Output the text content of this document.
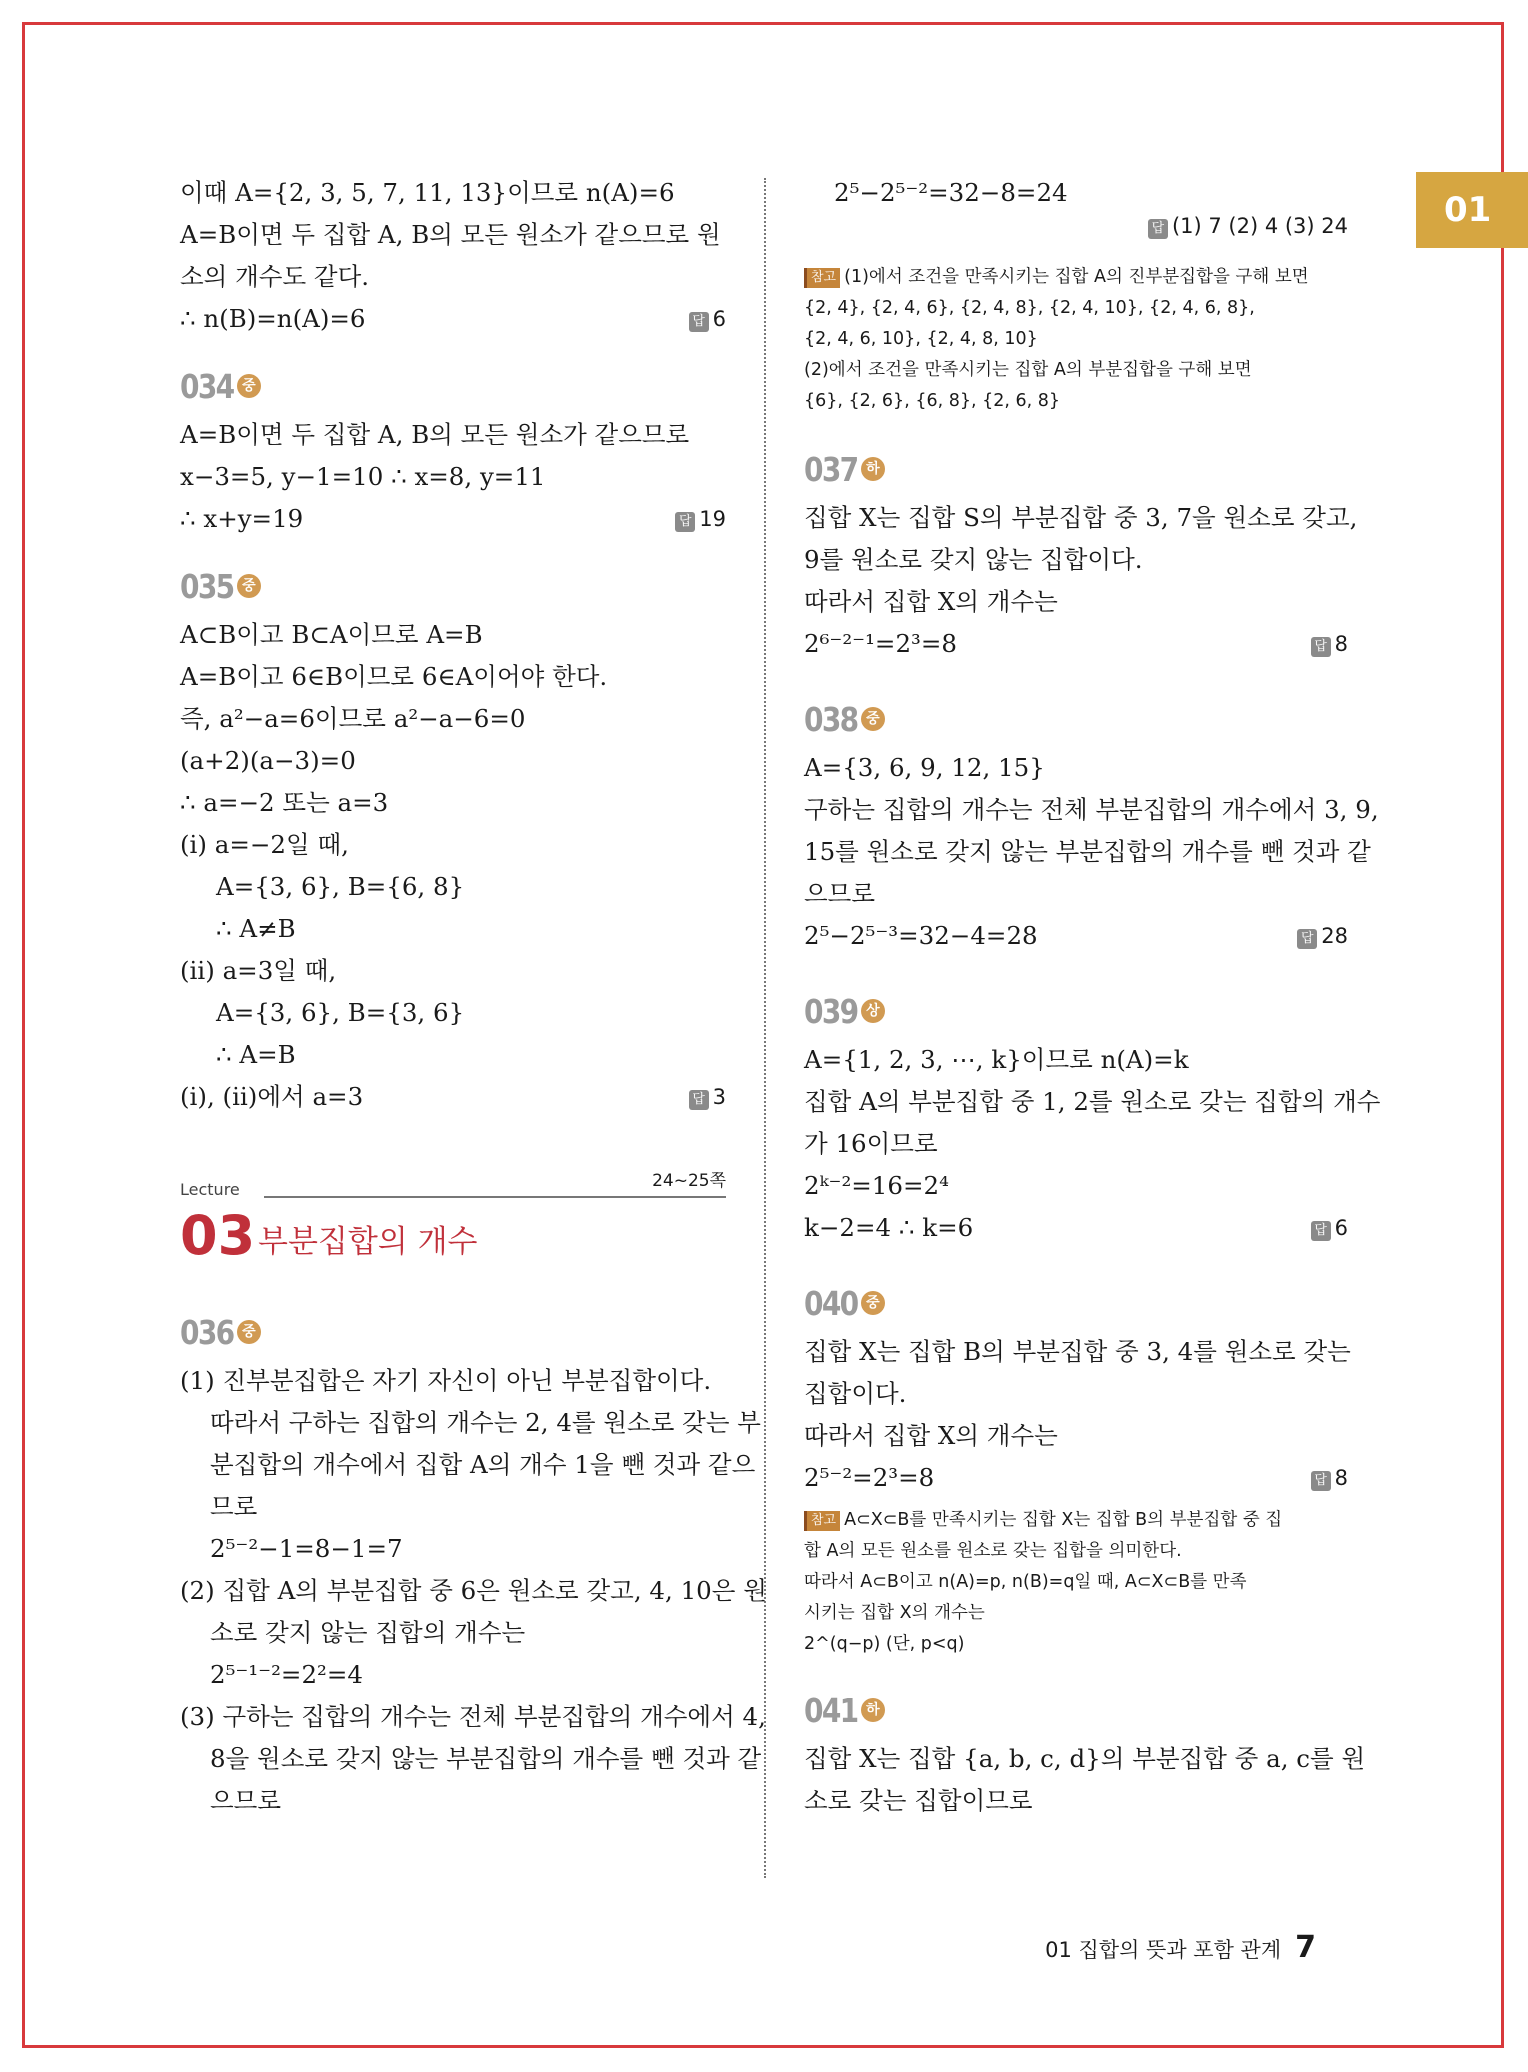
01
이때 A={2, 3, 5, 7, 11, 13}이므로 n(A)=6
A=B이면 두 집합 A, B의 모든 원소가 같으므로 원
소의 개수도 같다.
∴ n(B)=n(A)=6	답 6
034 중
A=B이면 두 집합 A, B의 모든 원소가 같으므로
x−3=5, y−1=10 ∴ x=8, y=11
∴ x+y=19	답 19
035 중
A⊂B이고 B⊂A이므로 A=B
A=B이고 6∈B이므로 6∈A이어야 한다.
즉, a²−a=6이므로 a²−a−6=0
(a+2)(a−3)=0
∴ a=−2 또는 a=3
(ⅰ) a=−2일 때,
A={3, 6}, B={6, 8}
∴ A≠B
(ⅱ) a=3일 때,
A={3, 6}, B={3, 6}
∴ A=B
(ⅰ), (ⅱ)에서 a=3	답 3
Lecture	24~25쪽
03 부분집합의 개수
036 중
(1) 진부분집합은 자기 자신이 아닌 부분집합이다.
따라서 구하는 집합의 개수는 2, 4를 원소로 갖는 부
분집합의 개수에서 집합 A의 개수 1을 뺀 것과 같으
므로
2⁵⁻²−1=8−1=7
(2) 집합 A의 부분집합 중 6은 원소로 갖고, 4, 10은 원
소로 갖지 않는 집합의 개수는
2⁵⁻¹⁻²=2²=4
(3) 구하는 집합의 개수는 전체 부분집합의 개수에서 4,
8을 원소로 갖지 않는 부분집합의 개수를 뺀 것과 같
으므로
2⁵−2⁵⁻²=32−8=24
답 (1) 7 (2) 4 (3) 24
참고 (1)에서 조건을 만족시키는 집합 A의 진부분집합을 구해 보면
{2, 4}, {2, 4, 6}, {2, 4, 8}, {2, 4, 10}, {2, 4, 6, 8},
{2, 4, 6, 10}, {2, 4, 8, 10}
(2)에서 조건을 만족시키는 집합 A의 부분집합을 구해 보면
{6}, {2, 6}, {6, 8}, {2, 6, 8}
037 하
집합 X는 집합 S의 부분집합 중 3, 7을 원소로 갖고,
9를 원소로 갖지 않는 집합이다.
따라서 집합 X의 개수는
2⁶⁻²⁻¹=2³=8	답 8
038 중
A={3, 6, 9, 12, 15}
구하는 집합의 개수는 전체 부분집합의 개수에서 3, 9,
15를 원소로 갖지 않는 부분집합의 개수를 뺀 것과 같
으므로
2⁵−2⁵⁻³=32−4=28	답 28
039 상
A={1, 2, 3, ⋯, k}이므로 n(A)=k
집합 A의 부분집합 중 1, 2를 원소로 갖는 집합의 개수
가 16이므로
2ᵏ⁻²=16=2⁴
k−2=4 ∴ k=6	답 6
040 중
집합 X는 집합 B의 부분집합 중 3, 4를 원소로 갖는
집합이다.
따라서 집합 X의 개수는
2⁵⁻²=2³=8	답 8
참고 A⊂X⊂B를 만족시키는 집합 X는 집합 B의 부분집합 중 집
합 A의 모든 원소를 원소로 갖는 집합을 의미한다.
따라서 A⊂B이고 n(A)=p, n(B)=q일 때, A⊂X⊂B를 만족
시키는 집합 X의 개수는
2^(q−p) (단, p<q)
041 하
집합 X는 집합 {a, b, c, d}의 부분집합 중 a, c를 원
소로 갖는 집합이므로
01 집합의 뜻과 포함 관계 7
